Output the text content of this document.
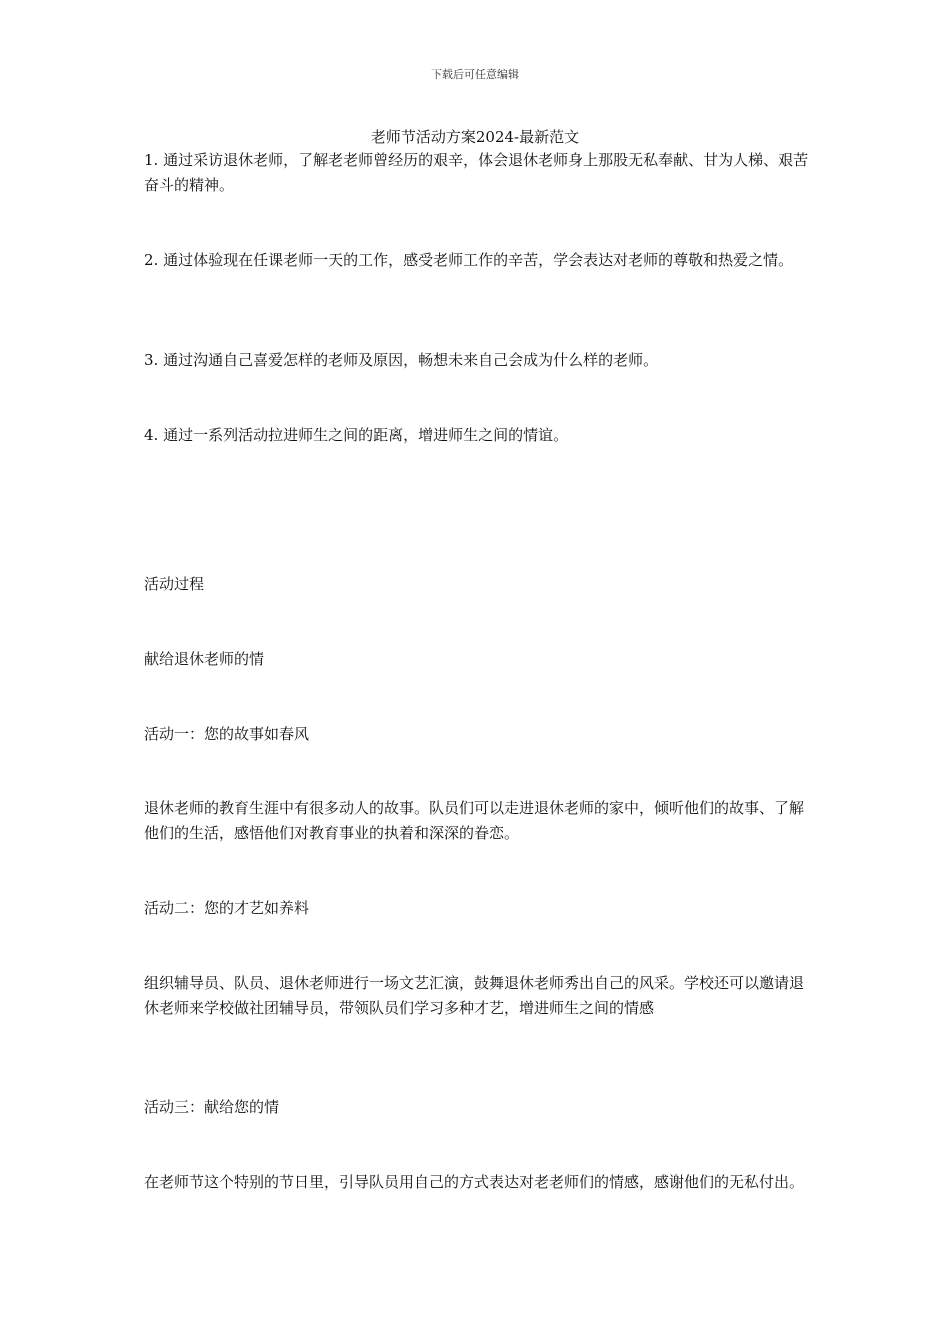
下载后可任意编辑
老师节活动方案2024-最新范文

1. 通过采访退休老师，了解老老师曾经历的艰辛，体会退休老师身上那股无私奉献、甘为人梯、艰苦奋斗的精神。

2. 通过体验现在任课老师一天的工作，感受老师工作的辛苦，学会表达对老师的尊敬和热爱之情。

3. 通过沟通自己喜爱怎样的老师及原因，畅想未来自己会成为什么样的老师。

4. 通过一系列活动拉进师生之间的距离，增进师生之间的情谊。

活动过程

献给退休老师的情

活动一：您的故事如春风

退休老师的教育生涯中有很多动人的故事。队员们可以走进退休老师的家中，倾听他们的故事、了解他们的生活，感悟他们对教育事业的执着和深深的眷恋。

活动二：您的才艺如养料

组织辅导员、队员、退休老师进行一场文艺汇演，鼓舞退休老师秀出自己的风采。学校还可以邀请退休老师来学校做社团辅导员，带领队员们学习多种才艺，增进师生之间的情感

活动三：献给您的情

在老师节这个特别的节日里，引导队员用自己的方式表达对老老师们的情感，感谢他们的无私付出。
